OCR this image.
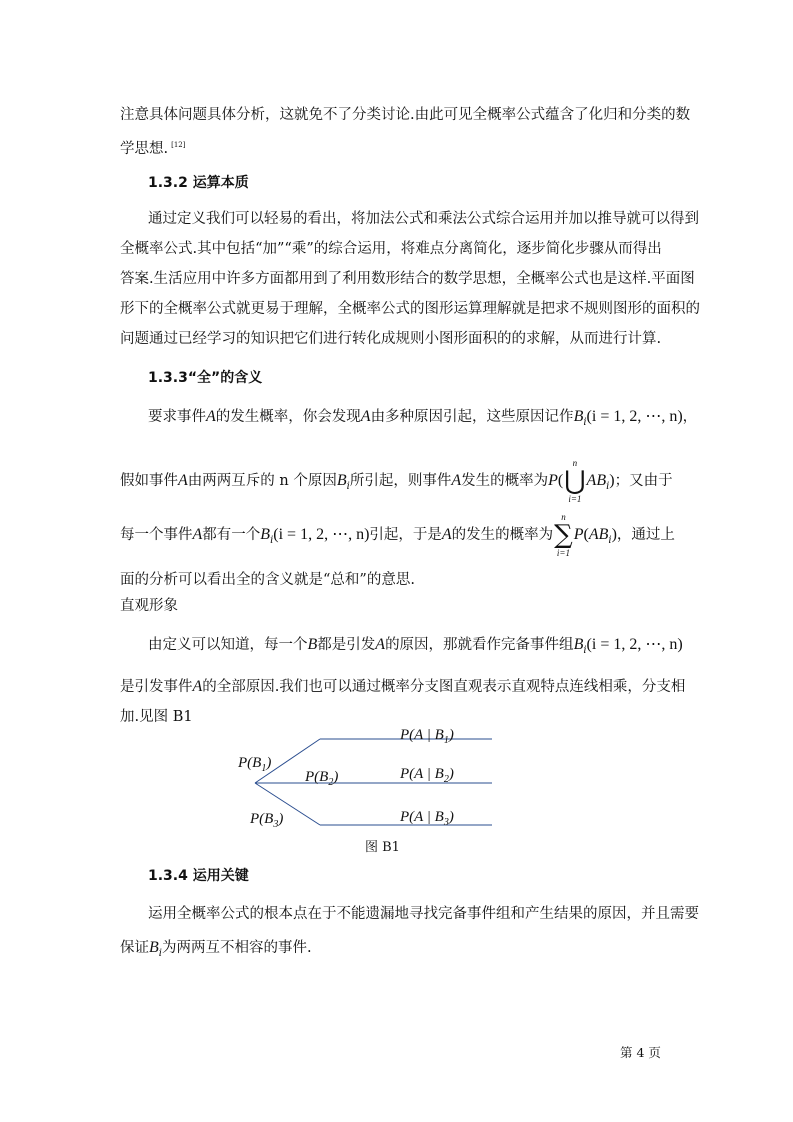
注意具体问题具体分析，这就免不了分类讨论.由此可见全概率公式蕴含了化归和分类的数
学思想. [12]
1.3.2 运算本质
通过定义我们可以轻易的看出，将加法公式和乘法公式综合运用并加以推导就可以得到
全概率公式.其中包括“加”“乘”的综合运用，将难点分离简化，逐步简化步骤从而得出
答案.生活应用中许多方面都用到了利用数形结合的数学思想，全概率公式也是这样.平面图
形下的全概率公式就更易于理解，全概率公式的图形运算理解就是把求不规则图形的面积的
问题通过已经学习的知识把它们进行转化成规则小图形面积的的求解，从而进行计算.
1.3.3“全”的含义
要求事件A的发生概率，你会发现A由多种原因引起，这些原因记作$B_i(i = 1$, 2, ⋯, n)，
假如事件A由两两互斥的 n 个原因$B_i$所引起，则事件A发生的概率为P(
n
⋃
i=1
$AB_i$)；又由于
每一个事件A都有一个$B_i(i = 1$, 2, ⋯, n)引起，于是A的发生的概率为
n
∑
i=1
$P(AB_i)$，通过上
面的分析可以看出全的含义就是“总和”的意思.
直观形象
由定义可以知道，每一个B都是引发A的原因，那就看作完备事件组$B_i(i = 1$, 2, ⋯, n)
是引发事件A的全部原因.我们也可以通过概率分支图直观表示直观特点连线相乘，分支相
加.见图 B1
$P(B_1)$
$P(B_2)$
$P(B_3)$
P(A | $B_1$)
P(A | $B_2$)
P(A | $B_3$)
图 B1
1.3.4 运用关键
运用全概率公式的根本点在于不能遗漏地寻找完备事件组和产生结果的原因，并且需要
保证$B_i$为两两互不相容的事件.
第 4 页
